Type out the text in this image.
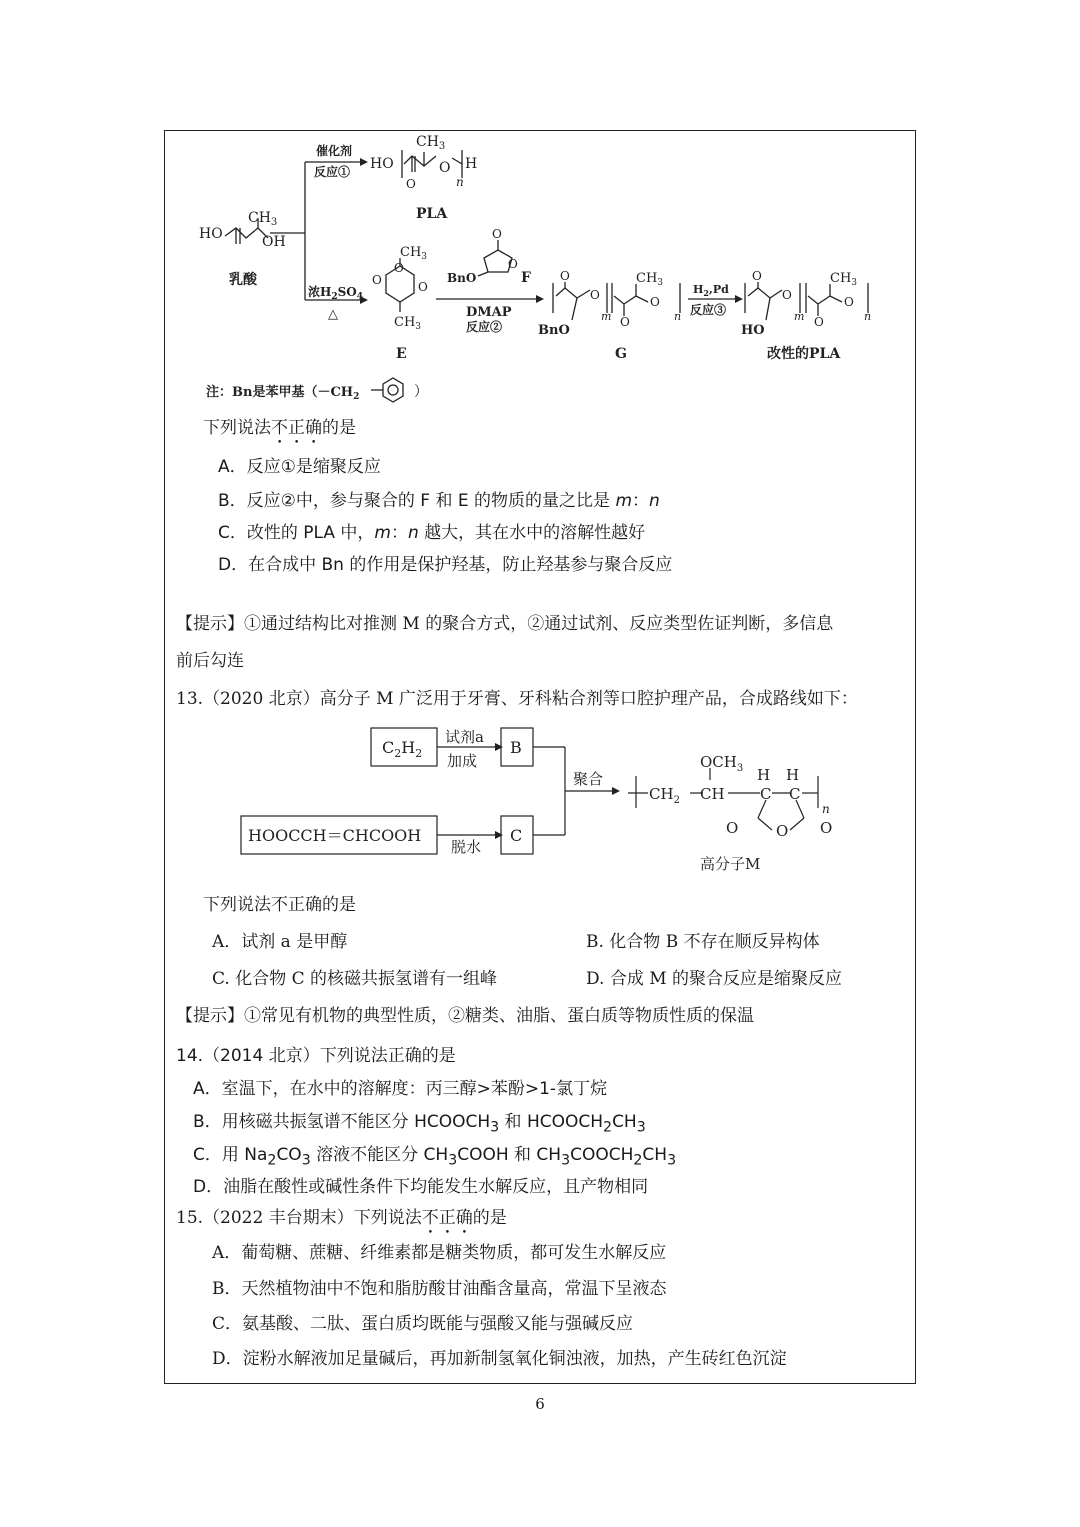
HO	OH
$CH_3$
乳酸
催化剂
反应① HO
$CH_3$
O
O H
n
PLA
浓$H_2SO_4$
△
O	O
O
$CH_3$
$CH_3$
E
O
O
BnO	F
DMAP
反应②
O
O
BnO
m O
$CH_3$
O
n
G
$H_2,Pd$
反应③
O
O
HO
m O
$CH_3$
O
n
改性的PLA
注：Bn是苯甲基（$-CH_2$	）
下列说法不正确的是
A．反应①是缩聚反应
B．反应②中，参与聚合的 F 和 E 的物质的量之比是 m：n
C．改性的 PLA 中，m：n 越大，其在水中的溶解性越好
D．在合成中 Bn 的作用是保护羟基，防止羟基参与聚合反应
【提示】①通过结构比对推测 M 的聚合方式，②通过试剂、反应类型佐证判断，多信息
前后勾连
13.（2020 北京）高分子 M 广泛用于牙膏、牙科粘合剂等口腔护理产品，合成路线如下：
$C_2H_2$
试剂a
加成
B
HOOCCH＝CHCOOH
脱水
C
聚合
$OCH_3$
$CH_2$ CH
H H
C C
O	O O
n
高分子M
下列说法不正确的是
A．试剂 a 是甲醇	B. 化合物 B 不存在顺反异构体
C. 化合物 C 的核磁共振氢谱有一组峰	D. 合成 M 的聚合反应是缩聚反应
【提示】①常见有机物的典型性质，②糖类、油脂、蛋白质等物质性质的保温
14.（2014 北京）下列说法正确的是
A．室温下，在水中的溶解度：丙三醇>苯酚>1-氯丁烷
B．用核磁共振氢谱不能区分 $HCOOCH_3$ 和 $HCOOCH_2CH_3$
C．用 $Na_2CO_3$ 溶液不能区分 $CH_3COOH$ 和 $CH_3COOCH_2CH_3$
D．油脂在酸性或碱性条件下均能发生水解反应，且产物相同
15.（2022 丰台期末）下列说法不正确的是
A．葡萄糖、蔗糖、纤维素都是糖类物质，都可发生水解反应
B．天然植物油中不饱和脂肪酸甘油酯含量高，常温下呈液态
C．氨基酸、二肽、蛋白质均既能与强酸又能与强碱反应
D．淀粉水解液加足量碱后，再加新制氢氧化铜浊液，加热，产生砖红色沉淀
6
